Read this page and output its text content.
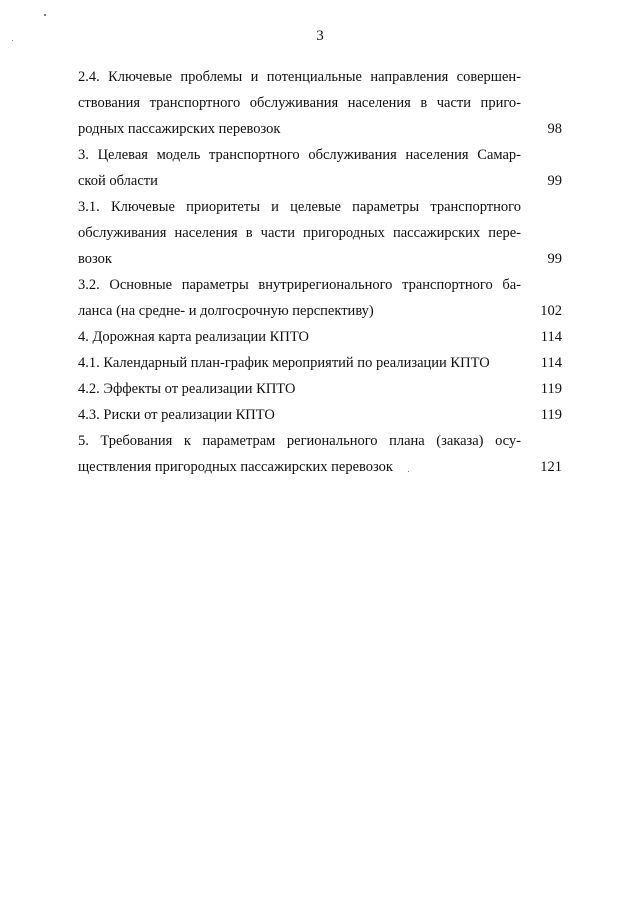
3
2.4. Ключевые проблемы и потенциальные направления совершен-
ствования транспортного обслуживания населения в части приго-
родных пассажирских перевозок	98
3. Целевая модель транспортного обслуживания населения Самар-
ской области	99
3.1. Ключевые приоритеты и целевые параметры транспортного
обслуживания населения в части пригородных пассажирских пере-
возок	99
3.2. Основные параметры внутрирегионального транспортного ба-
ланса (на средне- и долгосрочную перспективу)	102
4. Дорожная карта реализации КПТО	114
4.1. Календарный план-график мероприятий по реализации КПТО	114
4.2. Эффекты от реализации КПТО	119
4.3. Риски от реализации КПТО	119
5. Требования к параметрам регионального плана (заказа) осу-
ществления пригородных пассажирских перевозок	121
